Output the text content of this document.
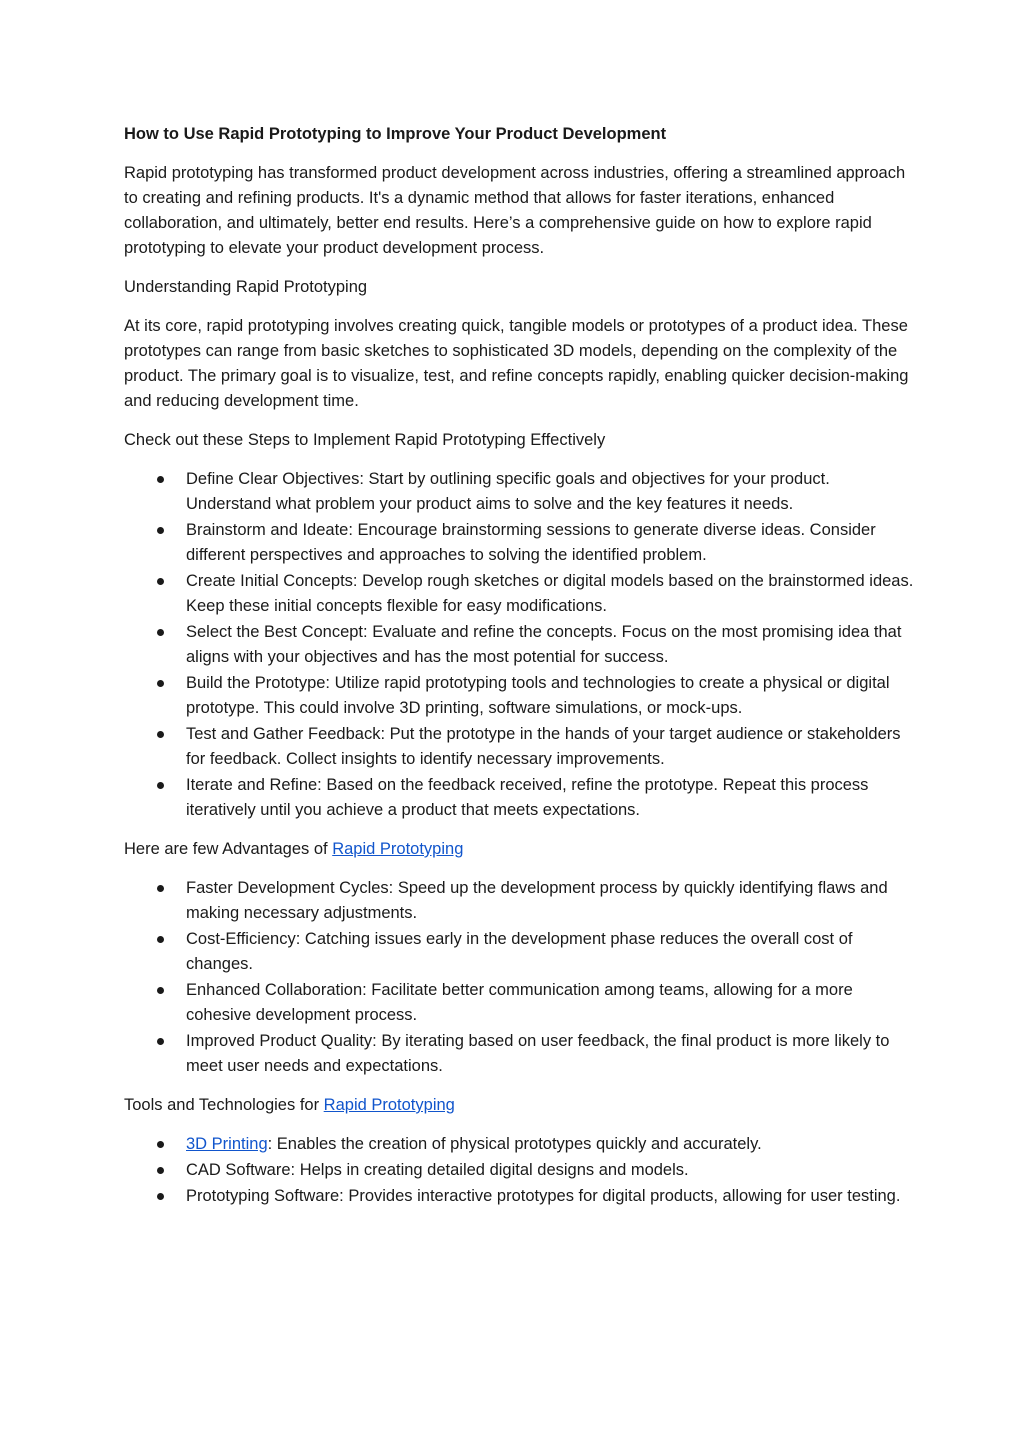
How to Use Rapid Prototyping to Improve Your Product Development

Rapid prototyping has transformed product development across industries, offering a streamlined approach to creating and refining products. It's a dynamic method that allows for faster iterations, enhanced collaboration, and ultimately, better end results. Here’s a comprehensive guide on how to explore rapid prototyping to elevate your product development process.

Understanding Rapid Prototyping

At its core, rapid prototyping involves creating quick, tangible models or prototypes of a product idea. These prototypes can range from basic sketches to sophisticated 3D models, depending on the complexity of the product. The primary goal is to visualize, test, and refine concepts rapidly, enabling quicker decision-making and reducing development time.

Check out these Steps to Implement Rapid Prototyping Effectively

Define Clear Objectives: Start by outlining specific goals and objectives for your product. Understand what problem your product aims to solve and the key features it needs.
Brainstorm and Ideate: Encourage brainstorming sessions to generate diverse ideas. Consider different perspectives and approaches to solving the identified problem.
Create Initial Concepts: Develop rough sketches or digital models based on the brainstormed ideas. Keep these initial concepts flexible for easy modifications.
Select the Best Concept: Evaluate and refine the concepts. Focus on the most promising idea that aligns with your objectives and has the most potential for success.
Build the Prototype: Utilize rapid prototyping tools and technologies to create a physical or digital prototype. This could involve 3D printing, software simulations, or mock-ups.
Test and Gather Feedback: Put the prototype in the hands of your target audience or stakeholders for feedback. Collect insights to identify necessary improvements.
Iterate and Refine: Based on the feedback received, refine the prototype. Repeat this process iteratively until you achieve a product that meets expectations.

Here are few Advantages of Rapid Prototyping

Faster Development Cycles: Speed up the development process by quickly identifying flaws and making necessary adjustments.
Cost-Efficiency: Catching issues early in the development phase reduces the overall cost of changes.
Enhanced Collaboration: Facilitate better communication among teams, allowing for a more cohesive development process.
Improved Product Quality: By iterating based on user feedback, the final product is more likely to meet user needs and expectations.

Tools and Technologies for Rapid Prototyping

3D Printing: Enables the creation of physical prototypes quickly and accurately.
CAD Software: Helps in creating detailed digital designs and models.
Prototyping Software: Provides interactive prototypes for digital products, allowing for user testing.
